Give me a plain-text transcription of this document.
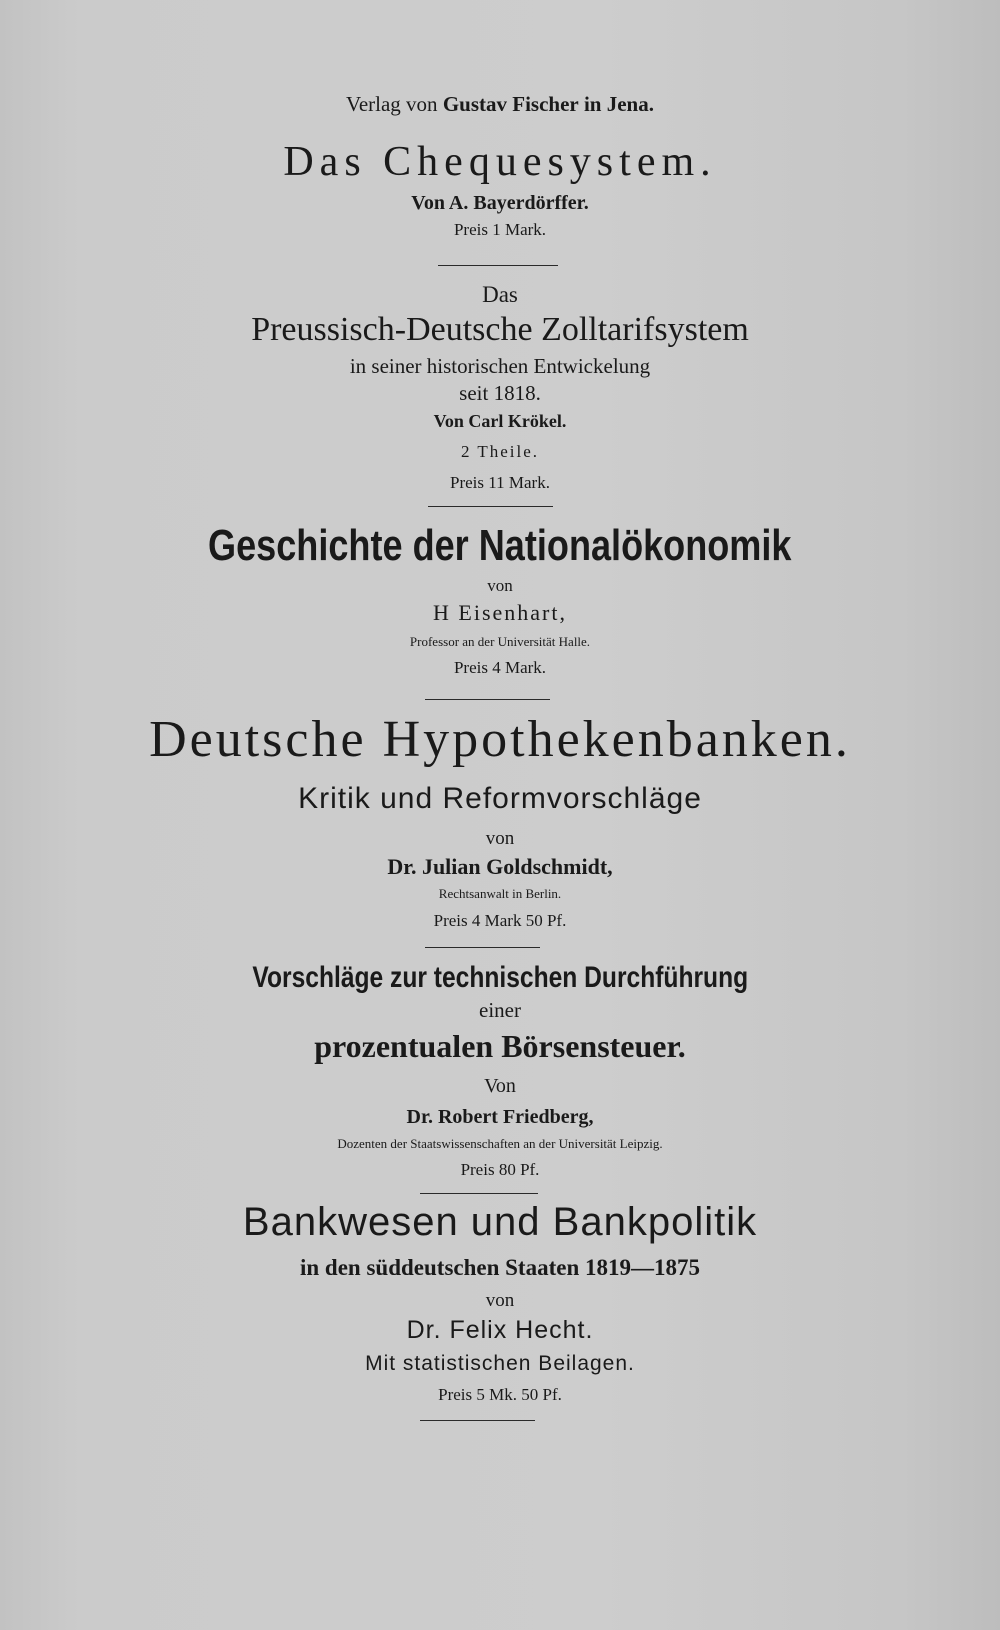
Verlag von Gustav Fischer in Jena.
Das Chequesystem.
Von A. Bayerdörffer.
Preis 1 Mark.
Das
Preussisch-Deutsche Zolltarifsystem
in seiner historischen Entwickelung
seit 1818.
Von Carl Krökel.
2 Theile.
Preis 11 Mark.
Geschichte der Nationalökonomik
von
H Eisenhart,
Professor an der Universität Halle.
Preis 4 Mark.
Deutsche Hypothekenbanken.
Kritik und Reformvorschläge
von
Dr. Julian Goldschmidt,
Rechtsanwalt in Berlin.
Preis 4 Mark 50 Pf.
Vorschläge zur technischen Durchführung
einer
prozentualen Börsensteuer.
Von
Dr. Robert Friedberg,
Dozenten der Staatswissenschaften an der Universität Leipzig.
Preis 80 Pf.
Bankwesen und Bankpolitik
in den süddeutschen Staaten 1819—1875
von
Dr. Felix Hecht.
Mit statistischen Beilagen.
Preis 5 Mk. 50 Pf.
